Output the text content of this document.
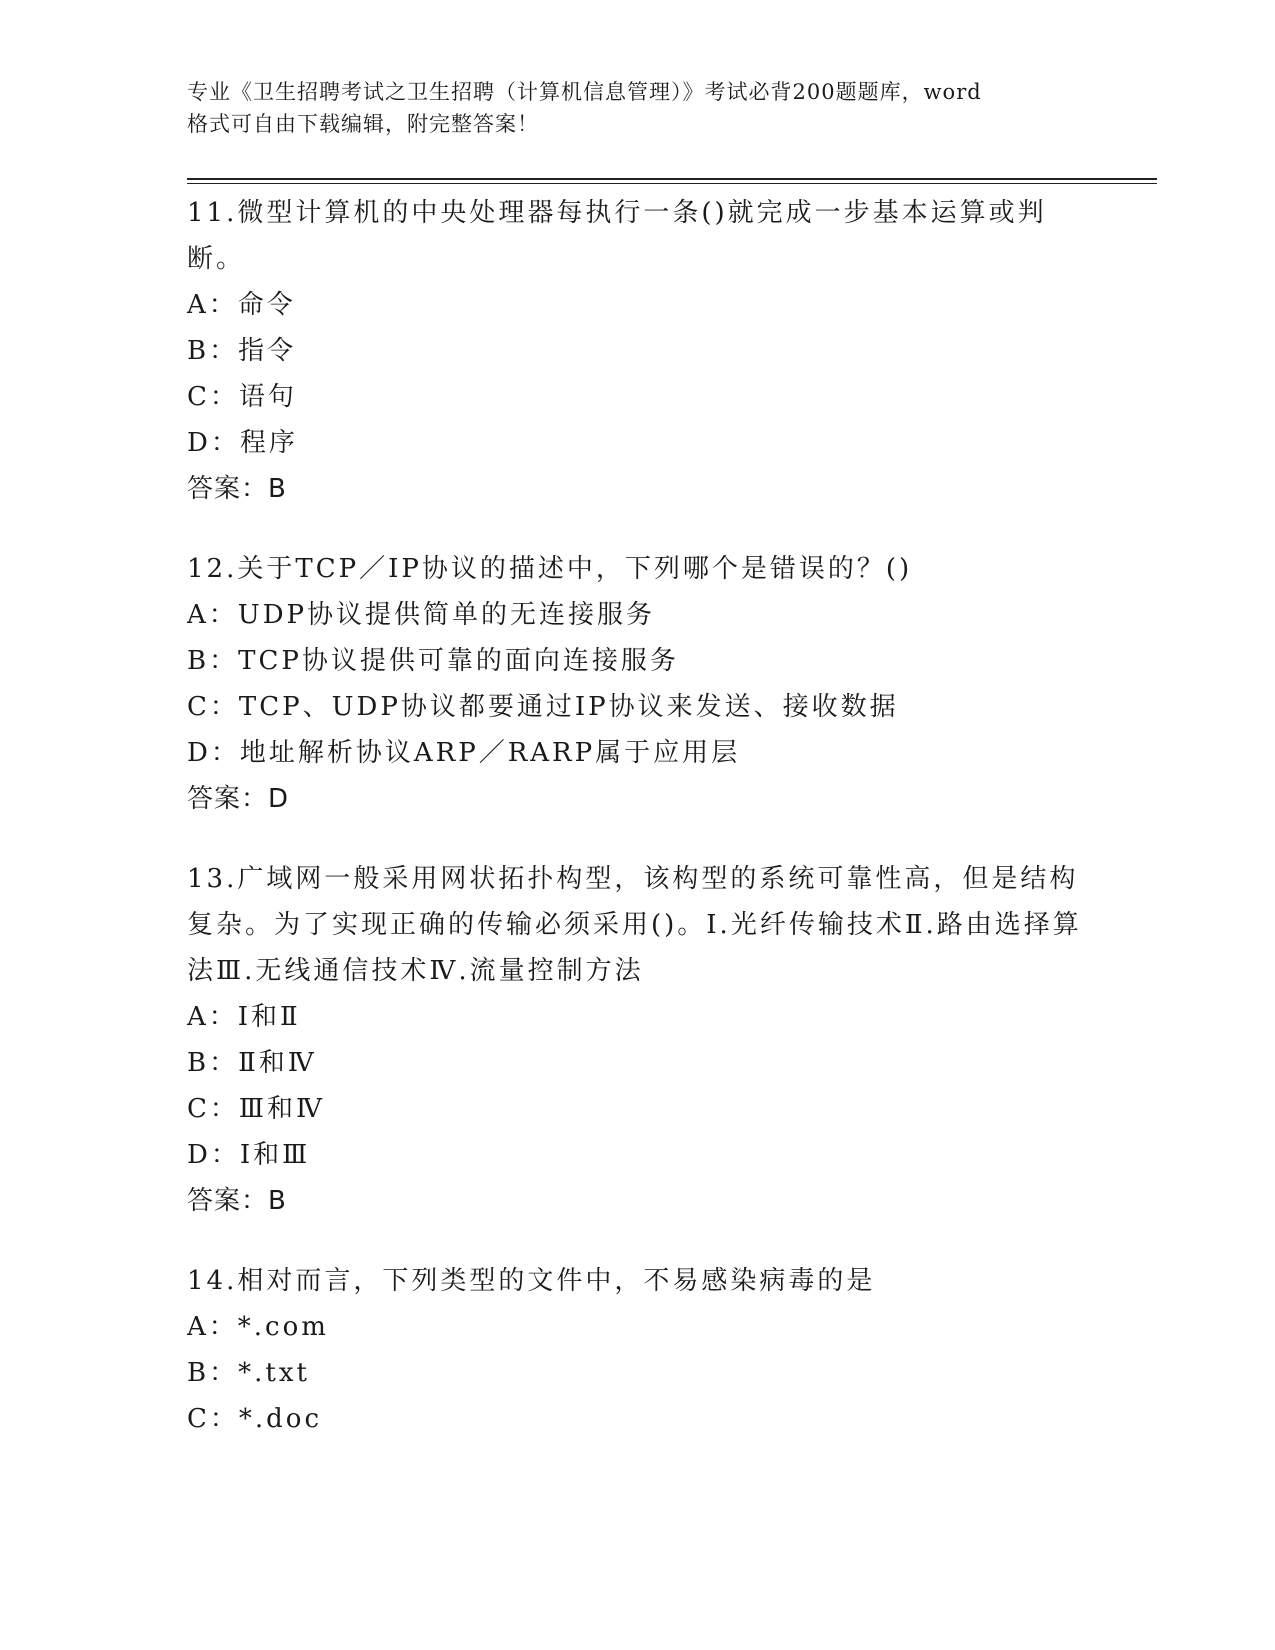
专业《卫生招聘考试之卫生招聘（计算机信息管理）》考试必背200题题库，word
格式可自由下载编辑，附完整答案！

11.微型计算机的中央处理器每执行一条()就完成一步基本运算或判断。

A：命令

B：指令

C：语句

D：程序

答案：B

12.关于TCP／IP协议的描述中，下列哪个是错误的？()

A：UDP协议提供简单的无连接服务

B：TCP协议提供可靠的面向连接服务

C：TCP、UDP协议都要通过IP协议来发送、接收数据

D：地址解析协议ARP／RARP属于应用层

答案：D

13.广域网一般采用网状拓扑构型，该构型的系统可靠性高，但是结构复杂。为了实现正确的传输必须采用()。Ⅰ.光纤传输技术Ⅱ.路由选择算法Ⅲ.无线通信技术Ⅳ.流量控制方法

A：Ⅰ和Ⅱ

B：Ⅱ和Ⅳ

C：Ⅲ和Ⅳ

D：Ⅰ和Ⅲ

答案：B

14.相对而言，下列类型的文件中，不易感染病毒的是

A：*.com

B：*.txt

C：*.doc
